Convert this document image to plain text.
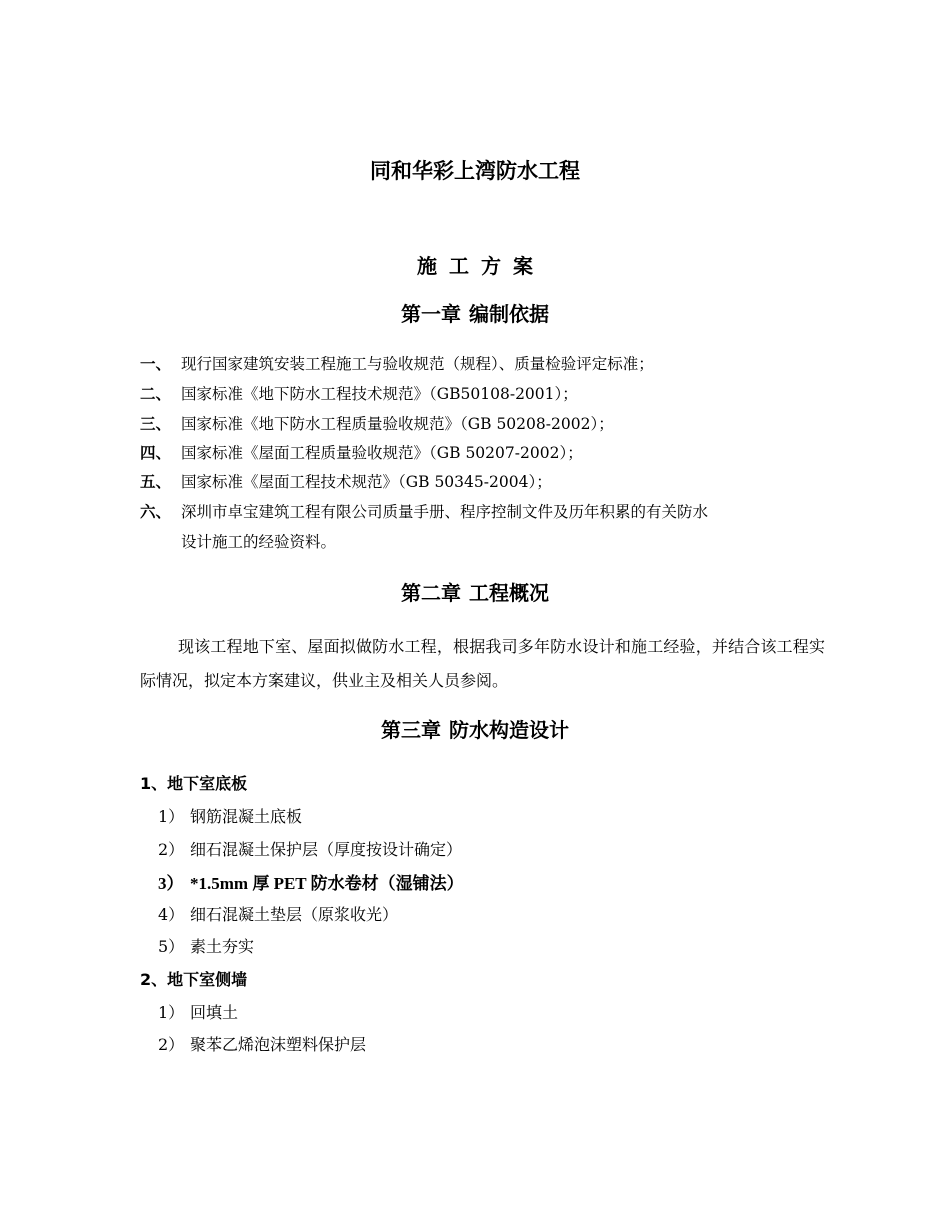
同和华彩上湾防水工程
施工方案
第一章 编制依据
一、 现行国家建筑安装工程施工与验收规范（规程）、质量检验评定标准；
二、 国家标准《地下防水工程技术规范》（GB50108-2001）；
三、 国家标准《地下防水工程质量验收规范》（GB 50208-2002）；
四、 国家标准《屋面工程质量验收规范》（GB 50207-2002）；
五、 国家标准《屋面工程技术规范》（GB 50345-2004）；
六、 深圳市卓宝建筑工程有限公司质量手册、程序控制文件及历年积累的有关防水
设计施工的经验资料。
第二章 工程概况
现该工程地下室、屋面拟做防水工程，根据我司多年防水设计和施工经验，并结合该工程实际情况，拟定本方案建议，供业主及相关人员参阅。
第三章 防水构造设计
1、地下室底板
1） 钢筋混凝土底板
2） 细石混凝土保护层（厚度按设计确定）
3） *1.5mm 厚 PET 防水卷材（湿铺法）
4） 细石混凝土垫层（原浆收光）
5） 素土夯实
2、地下室侧墙
1） 回填土
2） 聚苯乙烯泡沫塑料保护层
